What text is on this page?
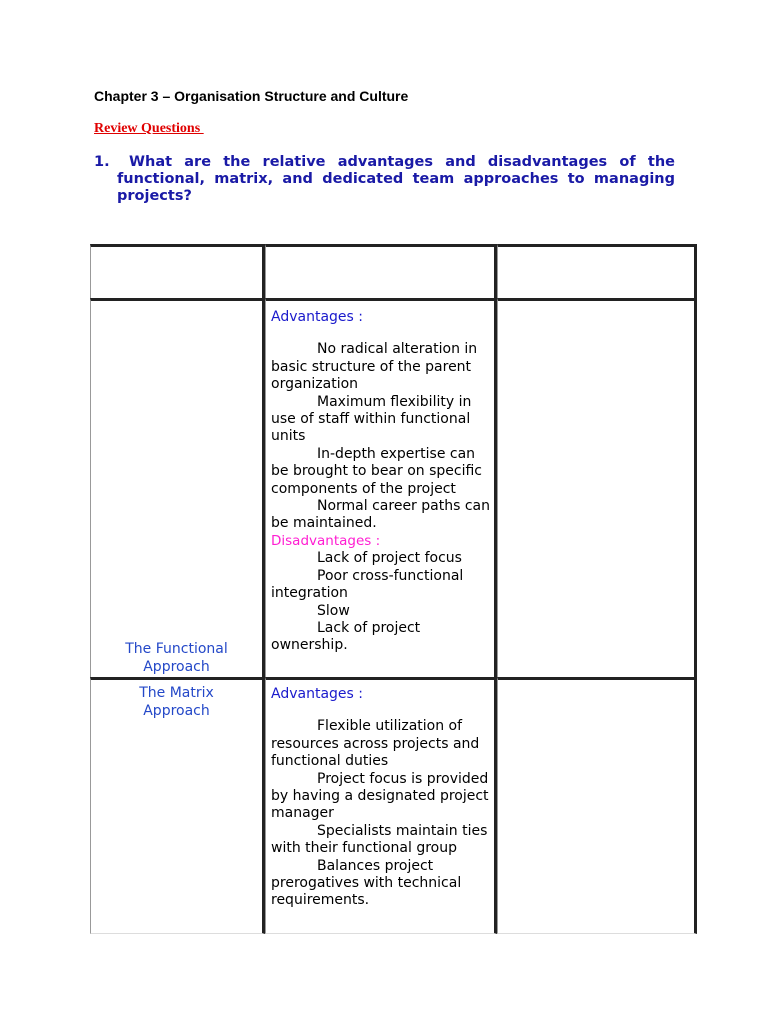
Chapter 3 – Organisation Structure and Culture
Review Questions
1.	What are the relative advantages and disadvantages of the functional, matrix, and dedicated team approaches to managing projects?
The Functional Approach
Advantages :
No radical alteration in basic structure of the parent organization
Maximum flexibility in use of staff within functional units
In-depth expertise can be brought to bear on specific components of the project
Normal career paths can be maintained.
Disadvantages :
Lack of project focus
Poor cross-functional integration
Slow
Lack of project ownership.
The Matrix Approach
Advantages :
Flexible utilization of resources across projects and functional duties
Project focus is provided by having a designated project manager
Specialists maintain ties with their functional group
Balances project prerogatives with technical requirements.
